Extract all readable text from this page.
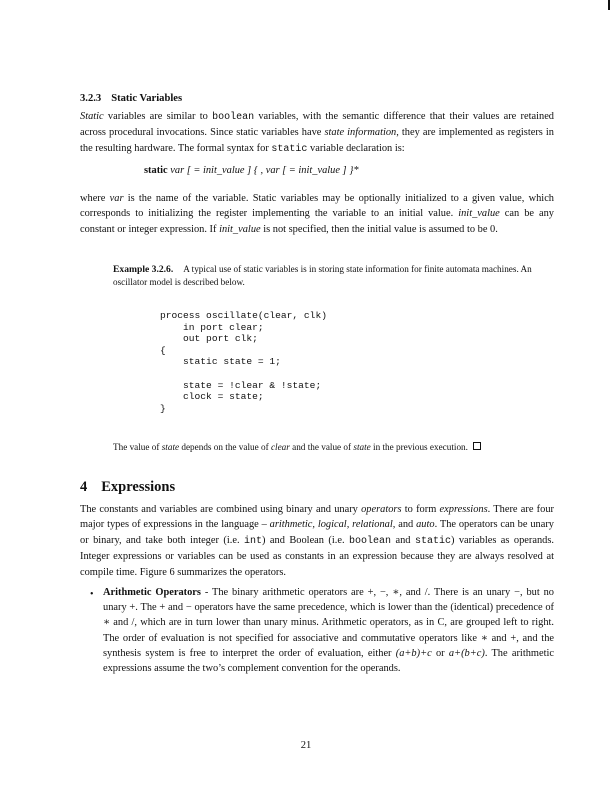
3.2.3 Static Variables
Static variables are similar to boolean variables, with the semantic difference that their values are retained across procedural invocations. Since static variables have state information, they are implemented as registers in the resulting hardware. The formal syntax for static variable declaration is:
static var [ = init_value ] { , var [ = init_value ] }*
where var is the name of the variable. Static variables may be optionally initialized to a given value, which corresponds to initializing the register implementing the variable to an initial value. init_value can be any constant or integer expression. If init_value is not specified, then the initial value is assumed to be 0.
Example 3.2.6. A typical use of static variables is in storing state information for finite automata machines. An oscillator model is described below.
process oscillate(clear, clk)
in port clear;
out port clk;
{
static state = 1;

state = !clear & !state;
clock = state;
}
The value of state depends on the value of clear and the value of state in the previous execution.
4 Expressions
The constants and variables are combined using binary and unary operators to form expressions. There are four major types of expressions in the language – arithmetic, logical, relational, and auto. The operators can be unary or binary, and take both integer (i.e. int) and Boolean (i.e. boolean and static) variables as operands. Integer expressions or variables can be used as constants in an expression because they are always resolved at compile time. Figure 6 summarizes the operators.
• Arithmetic Operators - The binary arithmetic operators are +, −, ∗, and /. There is an unary −, but no unary +. The + and − operators have the same precedence, which is lower than the (identical) precedence of ∗ and /, which are in turn lower than unary minus. Arithmetic operators, as in C, are grouped left to right. The order of evaluation is not specified for associative and commutative operators like ∗ and +, and the synthesis system is free to interpret the order of evaluation, either (a+b)+c or a+(b+c). The arithmetic expressions assume the two’s complement convention for the operands.
21
